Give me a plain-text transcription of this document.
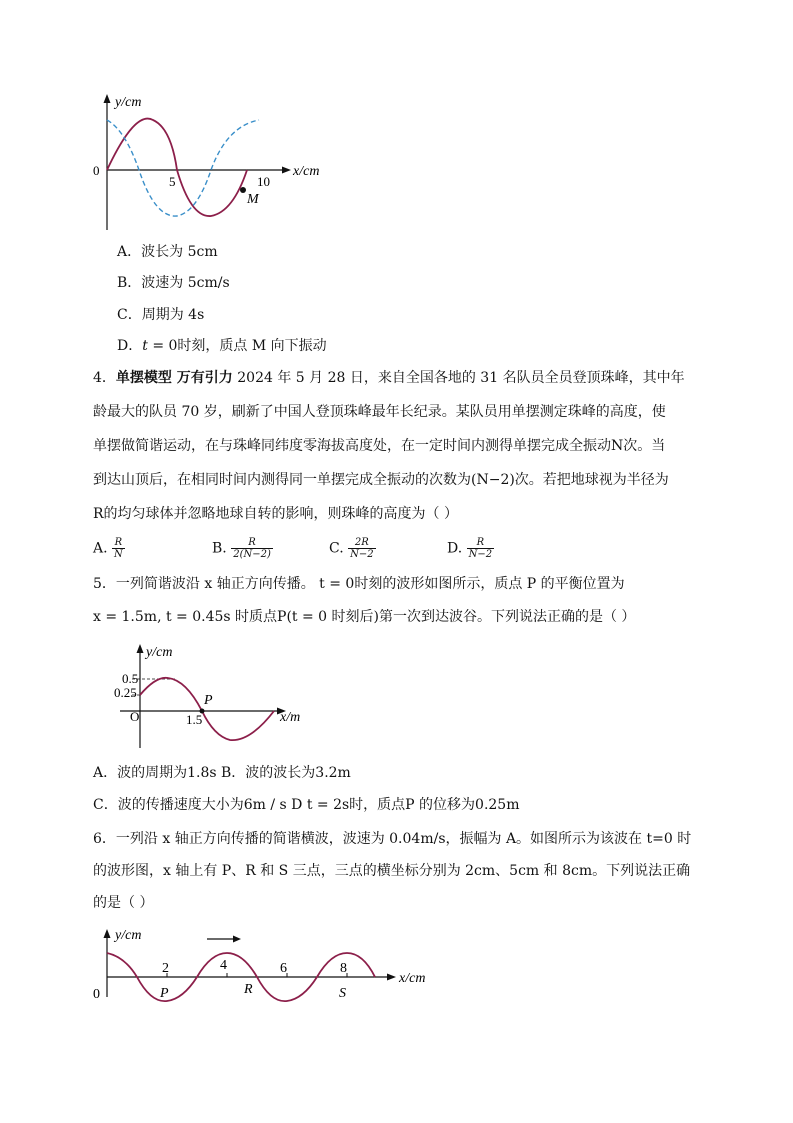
y/cm
x/cm
0
5	10
M
A．波长为 5cm
B．波速为 5cm/s
C．周期为 4s
D．t = 0时刻，质点 M 向下振动
4．单摆模型 万有引力 2024 年 5 月 28 日，来自全国各地的 31 名队员全员登顶珠峰，其中年
龄最大的队员 70 岁，刷新了中国人登顶珠峰最年长纪录。某队员用单摆测定珠峰的高度，使
单摆做简谐运动，在与珠峰同纬度零海拔高度处，在一定时间内测得单摆完成全振动N次。当
到达山顶后，在相同时间内测得同一单摆完成全振动的次数为(N−2)次。若把地球视为半径为
R的均匀球体并忽略地球自转的影响，则珠峰的高度为（ ）
A. $\frac{R}{N}$	B. $\frac{R}{2(N-2)}$	C. $\frac{2R}{N-2}$	D. $\frac{R}{N-2}$
5．一列简谐波沿 x 轴正方向传播。 t = 0时刻的波形如图所示，质点 P 的平衡位置为
x = 1.5m, t = 0.45s 时质点P(t = 0 时刻后)第一次到达波谷。下列说法正确的是（ ）
y/cm
x/m
0.5
0.25
O	1.5
P
A．波的周期为1.8s B．波的波长为3.2m
C．波的传播速度大小为6m / s D t = 2s时，质点P 的位移为0.25m
6．一列沿 x 轴正方向传播的简谐横波，波速为 0.04m/s，振幅为 A。如图所示为该波在 t=0 时
的波形图，x 轴上有 P、R 和 S 三点，三点的横坐标分别为 2cm、5cm 和 8cm。下列说法正确
的是（ ）
y/cm
x/cm
0
2	4	6	8
P	R	S
